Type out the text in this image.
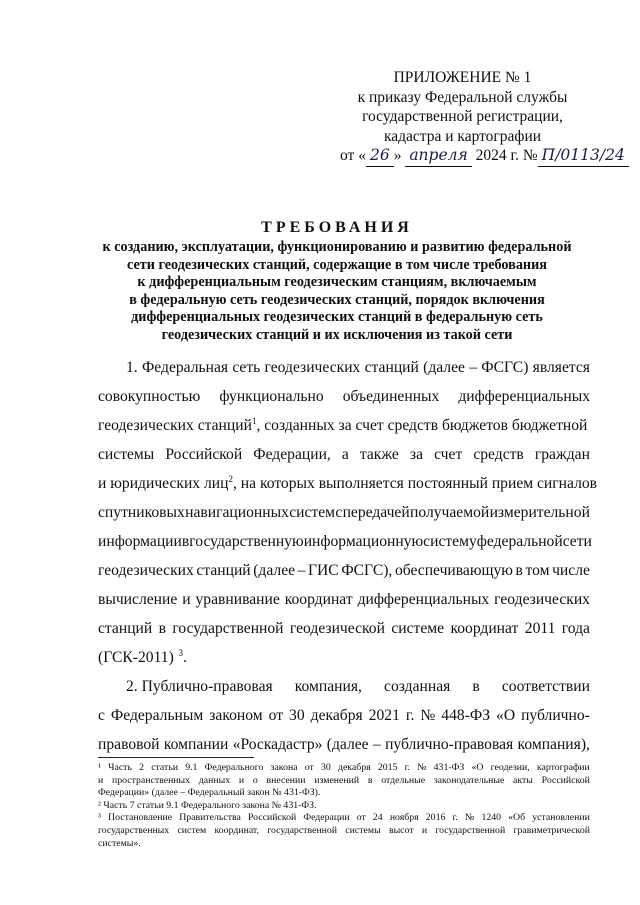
ПРИЛОЖЕНИЕ № 1
к приказу Федеральной службы
государственной регистрации,
кадастра и картографии
от « 26 » апреля 2024 г. № П/0113/24
ТРЕБОВАНИЯ
к созданию, эксплуатации, функционированию и развитию федеральной
сети геодезических станций, содержащие в том числе требования
к дифференциальным геодезическим станциям, включаемым
в федеральную сеть геодезических станций, порядок включения
дифференциальных геодезических станций в федеральную сеть
геодезических станций и их исключения из такой сети

1. Федеральная сеть геодезических станций (далее – ФСГС) является
совокупностью функционально объединенных дифференциальных
геодезических станций$^1$, созданных за счет средств бюджетов бюджетной
системы Российской Федерации, а также за счет средств граждан
и юридических лиц$^2$, на которых выполняется постоянный прием сигналов
спутниковых навигационных систем с передачей получаемой измерительной
информации в государственную информационную систему федеральной сети
геодезических станций (далее – ГИС ФСГС), обеспечивающую в том числе
вычисление и уравнивание координат дифференциальных геодезических
станций в государственной геодезической системе координат 2011 года
(ГСК-2011) $^3$.

2. Публично-правовая компания, созданная в соответствии
с Федеральным законом от 30 декабря 2021 г. № 448-ФЗ «О публично-
правовой компании «Роскадастр» (далее – публично-правовая компания),

¹ Часть 2 статьи 9.1 Федерального закона от 30 декабря 2015 г. № 431-ФЗ «О геодезии, картографии
и пространственных данных и о внесении изменений в отдельные законодательные акты Российской
Федерации» (далее – Федеральный закон № 431-ФЗ).
² Часть 7 статьи 9.1 Федерального закона № 431-ФЗ.
³ Постановление Правительства Российской Федерации от 24 ноября 2016 г. № 1240 «Об установлении
государственных систем координат, государственной системы высот и государственной гравиметрической
системы».
